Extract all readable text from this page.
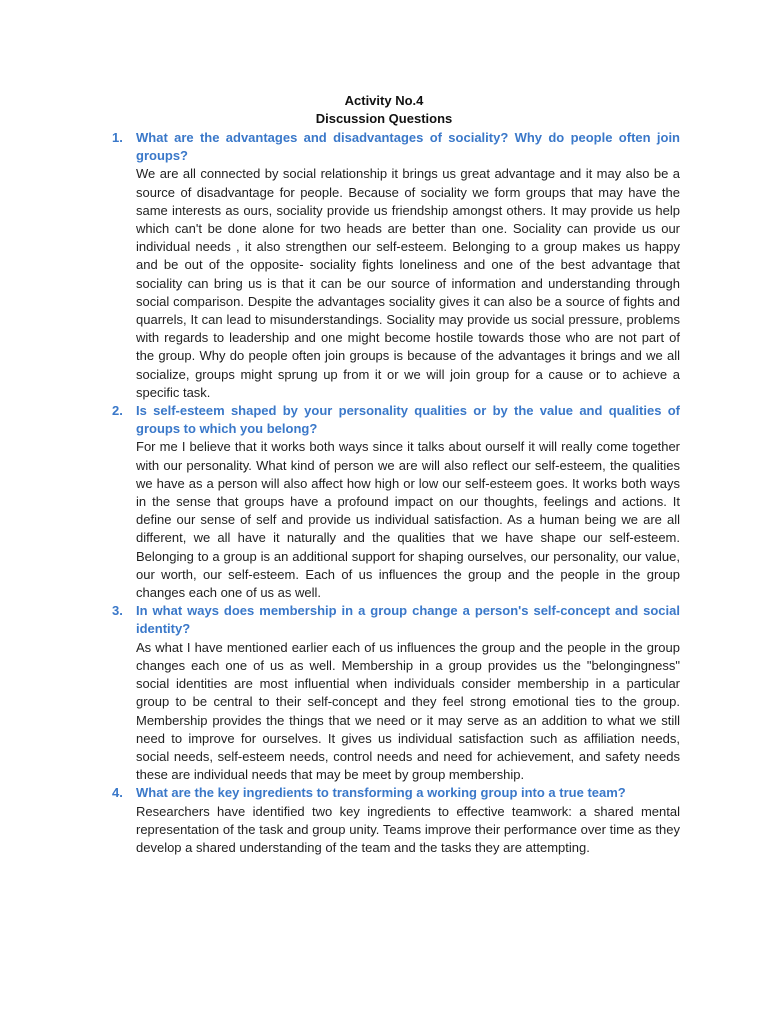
Activity No.4
Discussion Questions
1. What are the advantages and disadvantages of sociality? Why do people often join groups?

We are all connected by social relationship it brings us great advantage and it may also be a source of disadvantage for people. Because of sociality we form groups that may have the same interests as ours, sociality provide us friendship amongst others. It may provide us help which can't be done alone for two heads are better than one. Sociality can provide us our individual needs , it also strengthen our self-esteem. Belonging to a group makes us happy and be out of the opposite- sociality fights loneliness and one of the best advantage that sociality can bring us is that it can be our source of information and understanding through social comparison. Despite the advantages sociality gives it can also be a source of fights and quarrels, It can lead to misunderstandings. Sociality may provide us social pressure, problems with regards to leadership and one might become hostile towards those who are not part of the group. Why do people often join groups is because of the advantages it brings and we all socialize, groups might sprung up from it or we will join group for a cause or to achieve a specific task.

2. Is self-esteem shaped by your personality qualities or by the value and qualities of groups to which you belong?

For me I believe that it works both ways since it talks about ourself it will really come together with our personality. What kind of person we are will also reflect our self-esteem, the qualities we have as a person will also affect how high or low our self-esteem goes. It works both ways in the sense that groups have a profound impact on our thoughts, feelings and actions. It define our sense of self and provide us individual satisfaction. As a human being we are all different, we all have it naturally and the qualities that we have shape our self-esteem. Belonging to a group is an additional support for shaping ourselves, our personality, our value, our worth, our self-esteem. Each of us influences the group and the people in the group changes each one of us as well.

3. In what ways does membership in a group change a person's self-concept and social identity?

As what I have mentioned earlier each of us influences the group and the people in the group changes each one of us as well. Membership in a group provides us the "belongingness" social identities are most influential when individuals consider membership in a particular group to be central to their self-concept and they feel strong emotional ties to the group. Membership provides the things that we need or it may serve as an addition to what we still need to improve for ourselves. It gives us individual satisfaction such as affiliation needs, social needs, self-esteem needs, control needs and need for achievement, and safety needs these are individual needs that may be meet by group membership.

4. What are the key ingredients to transforming a working group into a true team?

Researchers have identified two key ingredients to effective teamwork: a shared mental representation of the task and group unity. Teams improve their performance over time as they develop a shared understanding of the team and the tasks they are attempting.
